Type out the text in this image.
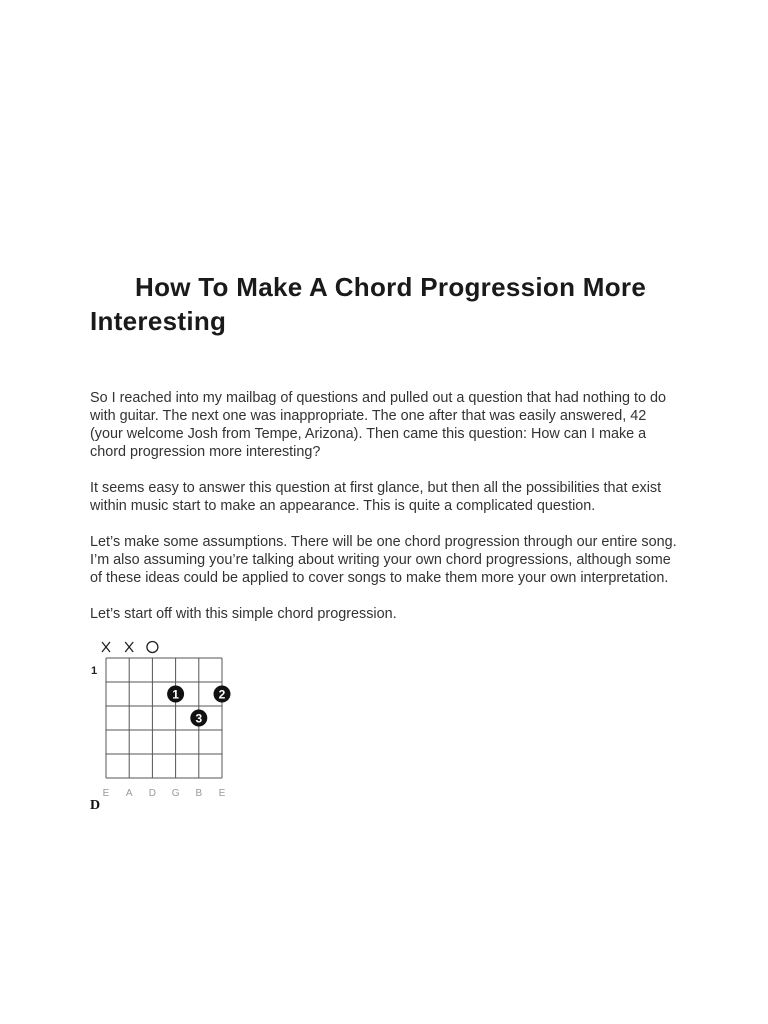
How To Make A Chord Progression More Interesting

So I reached into my mailbag of questions and pulled out a question that had nothing to do with guitar. The next one was inappropriate. The one after that was easily answered, 42 (your welcome Josh from Tempe, Arizona). Then came this question: How can I make a chord progression more interesting?

It seems easy to answer this question at first glance, but then all the possibilities that exist within music start to make an appearance. This is quite a complicated question.

Let’s make some assumptions. There will be one chord progression through our entire song. I’m also assuming you’re talking about writing your own chord progressions, although some of these ideas could be applied to cover songs to make them more your own interpretation.

Let’s start off with this simple chord progression.

1
1	2
3
E A D G B E
D
